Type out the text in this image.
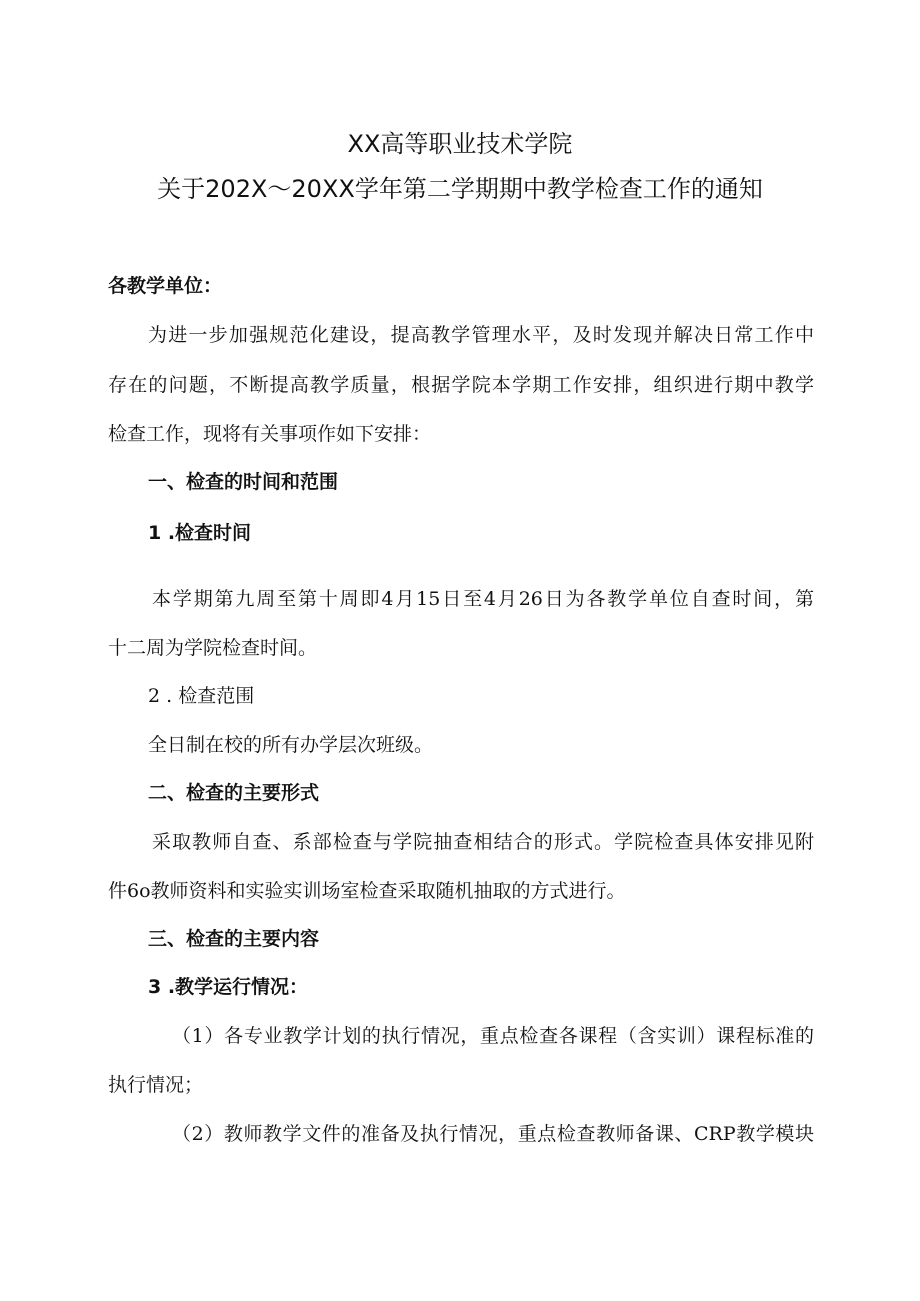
XX高等职业技术学院
关于202X～20XX学年第二学期期中教学检查工作的通知
各教学单位：
为进一步加强规范化建设，提高教学管理水平，及时发现并解决日常工作中
存在的问题，不断提高教学质量，根据学院本学期工作安排，组织进行期中教学
检查工作，现将有关事项作如下安排：
一、检查的时间和范围
1 .检查时间
本学期第九周至第十周即4月15日至4月26日为各教学单位自查时间，第
十二周为学院检查时间。
2 . 检查范围
全日制在校的所有办学层次班级。
二、检查的主要形式
采取教师自查、系部检查与学院抽查相结合的形式。学院检查具体安排见附
件6o教师资料和实验实训场室检查采取随机抽取的方式进行。
三、检查的主要内容
3 .教学运行情况：
（1）各专业教学计划的执行情况，重点检查各课程（含实训）课程标准的
执行情况；
（2）教师教学文件的准备及执行情况，重点检查教师备课、CRP教学模块
